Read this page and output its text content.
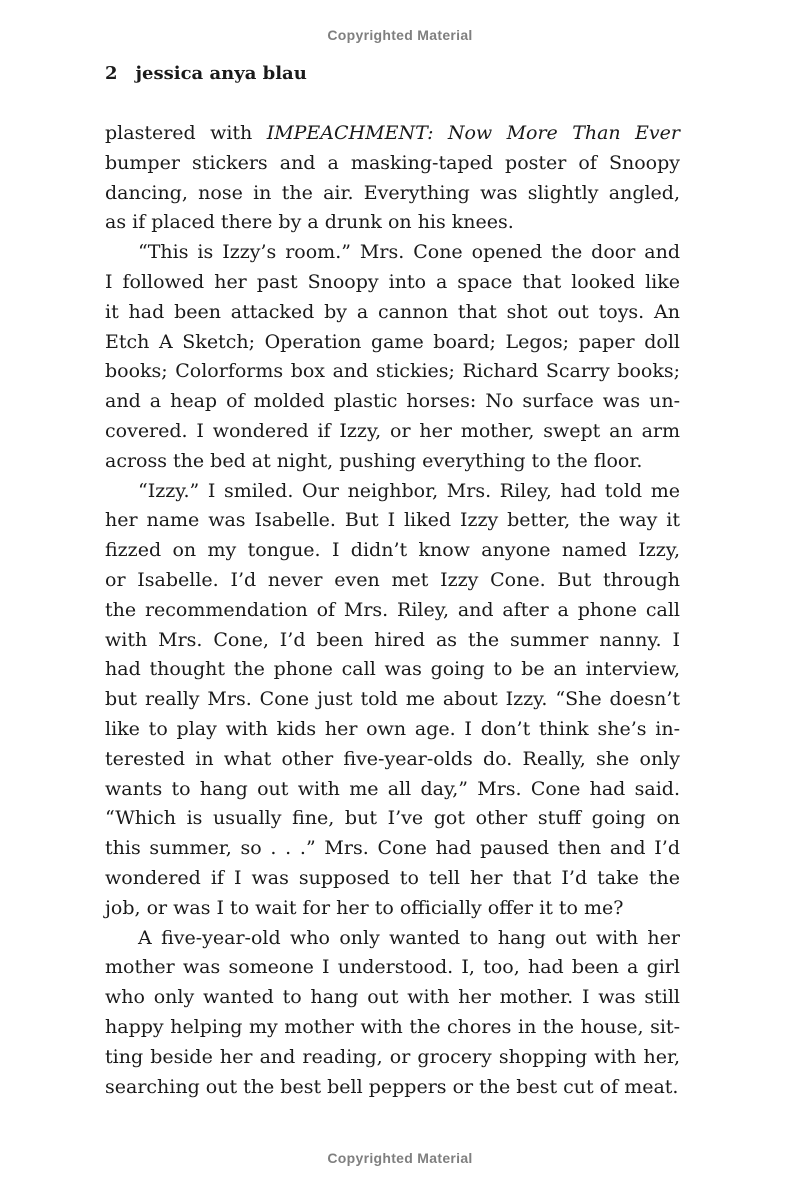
Copyrighted Material
2 jessica anya blau
plastered with IMPEACHMENT: Now More Than Ever
bumper stickers and a masking-taped poster of Snoopy
dancing, nose in the air. Everything was slightly angled,
as if placed there by a drunk on his knees.
“This is Izzy’s room.” Mrs. Cone opened the door and
I followed her past Snoopy into a space that looked like
it had been attacked by a cannon that shot out toys. An
Etch A Sketch; Operation game board; Legos; paper doll
books; Colorforms box and stickies; Richard Scarry books;
and a heap of molded plastic horses: No surface was un-
covered. I wondered if Izzy, or her mother, swept an arm
across the bed at night, pushing everything to the floor.
“Izzy.” I smiled. Our neighbor, Mrs. Riley, had told me
her name was Isabelle. But I liked Izzy better, the way it
fizzed on my tongue. I didn’t know anyone named Izzy,
or Isabelle. I’d never even met Izzy Cone. But through
the recommendation of Mrs. Riley, and after a phone call
with Mrs. Cone, I’d been hired as the summer nanny. I
had thought the phone call was going to be an interview,
but really Mrs. Cone just told me about Izzy. “She doesn’t
like to play with kids her own age. I don’t think she’s in-
terested in what other five-year-olds do. Really, she only
wants to hang out with me all day,” Mrs. Cone had said.
“Which is usually fine, but I’ve got other stuff going on
this summer, so . . .” Mrs. Cone had paused then and I’d
wondered if I was supposed to tell her that I’d take the
job, or was I to wait for her to officially offer it to me?
A five-year-old who only wanted to hang out with her
mother was someone I understood. I, too, had been a girl
who only wanted to hang out with her mother. I was still
happy helping my mother with the chores in the house, sit-
ting beside her and reading, or grocery shopping with her,
searching out the best bell peppers or the best cut of meat.
Copyrighted Material
